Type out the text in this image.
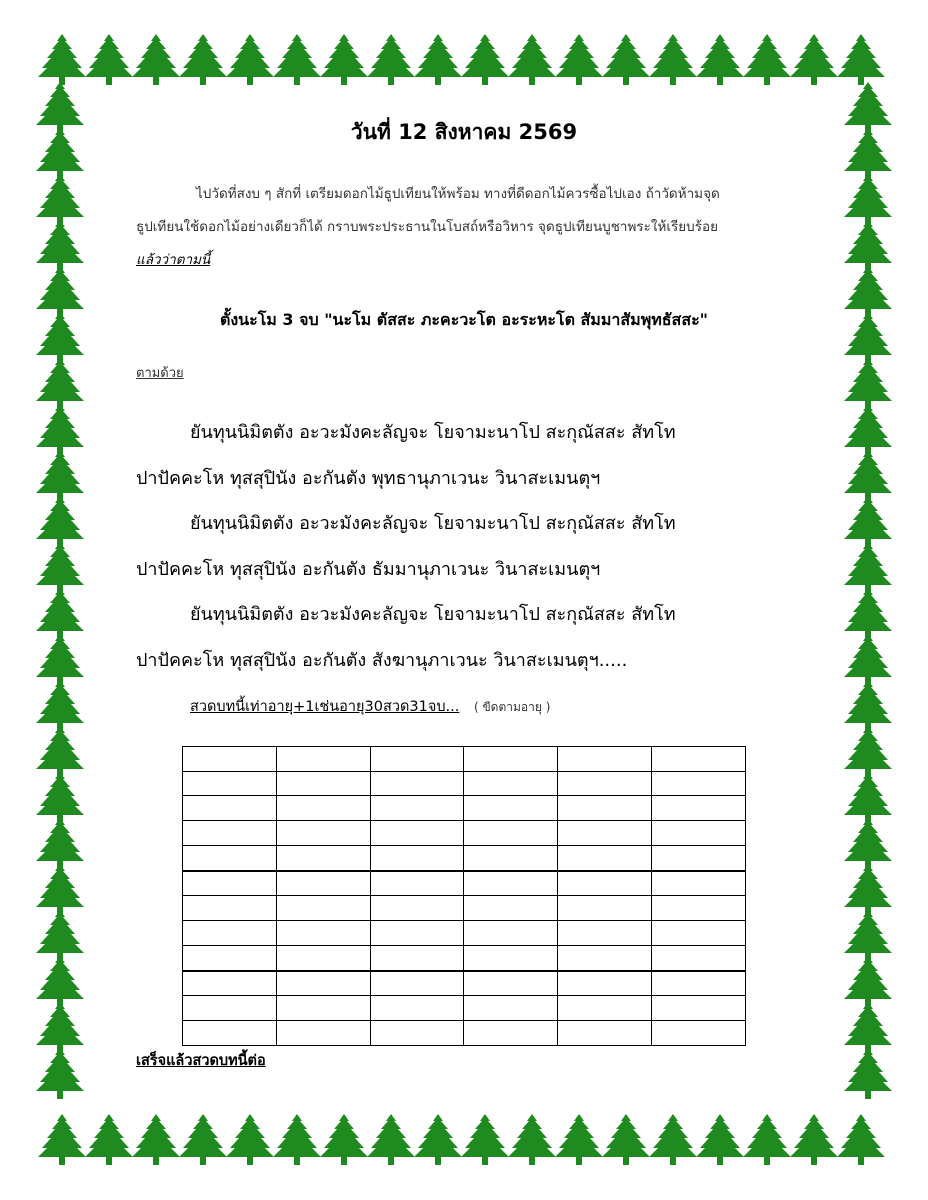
วันที่ 12 สิงหาคม 2569

ไปวัดที่สงบ ๆ สักที่ เตรียมดอกไม้ธูปเทียนให้พร้อม ทางที่ดีดอกไม้ควรซื้อไปเอง ถ้าวัดห้ามจุด

ธูปเทียนใช้ดอกไม้อย่างเดียวก็ได้ กราบพระประธานในโบสถ์หรือวิหาร จุดธูปเทียนบูชาพระให้เรียบร้อย

แล้วว่าตามนี้

ตั้งนะโม 3 จบ "นะโม ตัสสะ ภะคะวะโต อะระหะโต สัมมาสัมพุทธัสสะ"

ตามด้วย

ยันทุนนิมิตตัง อะวะมังคะลัญจะ โยจามะนาโป สะกุณัสสะ สัทโท

ปาปัคคะโห ทุสสุปินัง อะกันตัง พุทธานุภาเวนะ วินาสะเมนตุฯ

ยันทุนนิมิตตัง อะวะมังคะลัญจะ โยจามะนาโป สะกุณัสสะ สัทโท

ปาปัคคะโห ทุสสุปินัง อะกันตัง ธัมมานุภาเวนะ วินาสะเมนตุฯ

ยันทุนนิมิตตัง อะวะมังคะลัญจะ โยจามะนาโป สะกุณัสสะ สัทโท

ปาปัคคะโห ทุสสุปินัง อะกันตัง สังฆานุภาเวนะ วินาสะเมนตุฯ.....

สวดบทนี้เท่าอายุ+1เช่นอายุ30สวด31จบ... ( ขีดตามอายุ )

เสร็จแล้วสวดบทนี้ต่อ
